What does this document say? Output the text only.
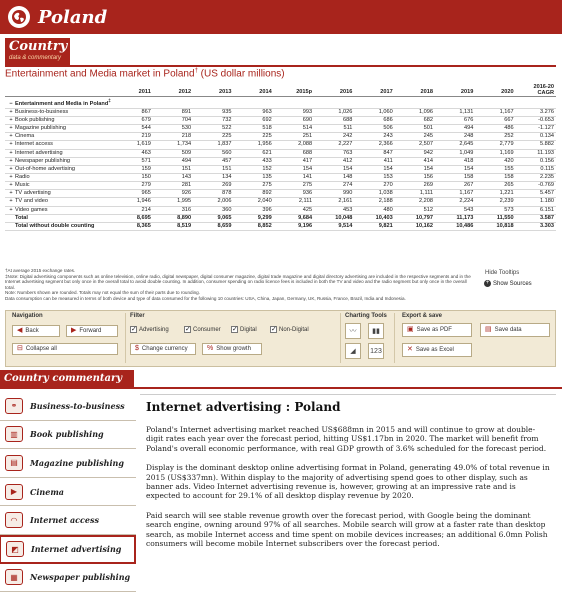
Poland
Country
data & commentary
Entertainment and Media market in Poland† (US dollar millions)
	2011	2012	2013	2014	2015p	2016	2017	2018	2019	2020	2016-20 CAGR
− Entertainment and Media in Poland‡
+ Business-to-business	867	891	935	963	993	1,026	1,060	1,096	1,131	1,167	3.276
+ Book publishing	679	704	732	692	690	688	686	682	676	667	-0.653
+ Magazine publishing	544	530	522	518	514	511	506	501	494	486	-1.127
+ Cinema	219	218	225	225	251	242	243	245	248	252	0.134
+ Internet access	1,619	1,734	1,837	1,956	2,088	2,227	2,366	2,507	2,645	2,779	5.882
+ Internet advertising	463	509	560	621	688	763	847	942	1,049	1,169	11.193
+ Newspaper publishing	571	494	457	433	417	412	411	414	418	420	0.156
+ Out-of-home advertising	159	151	151	152	154	154	154	154	154	155	0.115
+ Radio	150	143	134	135	141	148	153	156	158	158	2.235
+ Music	279	281	269	275	275	274	270	269	267	265	-0.769
+ TV advertising	965	926	878	892	936	990	1,038	1,111	1,167	1,221	5.457
+ TV and video	1,946	1,995	2,006	2,040	2,111	2,161	2,188	2,208	2,224	2,239	1.180
+ Video games	214	316	360	396	425	453	480	512	543	573	6.151
Total	8,695	8,890	9,065	9,299	9,684	10,048	10,403	10,797	11,173	11,550	3.587
Total without double counting	8,365	8,519	8,659	8,852	9,196	9,514	9,821	10,162	10,486	10,818	3.303
†At average 2015 exchange rates.
‡Note: Digital advertising components such as online television, online radio, digital newspaper, digital consumer magazine, digital trade magazine and digital directory advertising are included in the respective segments and in the Internet advertising segment but only once in the overall total to avoid double counting. In addition, consumer spending on radio licence fees is included in both the TV and video and the radio segment but only once in the overall total.
Note: Numbers shown are rounded. Totals may not equal the sum of their parts due to rounding.
Data consumption can be measured in terms of both device and type of data consumed for the following 10 countries: USA, China, Japan, Germany, UK, Russia, France, Brazil, India and Indonesia.
Hide Tooltips
+ Show Sources
Navigation
◀ Back	▶ Forward
⊟ Collapse all
Filter
✓
Advertising ✓	Consumer ✓	Digital ✓	Non-Digital
$ Change currency	% Show growth
Charting Tools
〰	▮▮
◢	123
Export & save
▣ Save as PDF	▤ Save data
✕ Save as Excel
Country commentary
⚭	Business-to-business
▥	Book publishing
▤	Magazine publishing
▶	Cinema
◠	Internet access
◩	Internet advertising
▦	Newspaper publishing
Internet advertising : Poland

Poland's Internet advertising market reached US$688mn in 2015 and will continue to grow at double-digit rates each year over the forecast period, hitting US$1.17bn in 2020. The market will benefit from Poland's overall economic performance, with real GDP growth of 3.6% scheduled for the forecast period.

Display is the dominant desktop online advertising format in Poland, generating 49.0% of total revenue in 2015 (US$337mn). Within display to the majority of advertising spend goes to other display, such as banner ads. Video Internet advertising revenue is, however, growing at an impressive rate and is expected to account for 29.1% of all desktop display revenue by 2020.

Paid search will see stable revenue growth over the forecast period, with Google being the dominant search engine, owning around 97% of all searches. Mobile search will grow at a faster rate than desktop search, as mobile Internet access and time spent on mobile devices increases; an additional 6.0mn Polish consumers will become mobile Internet subscribers over the forecast period.
